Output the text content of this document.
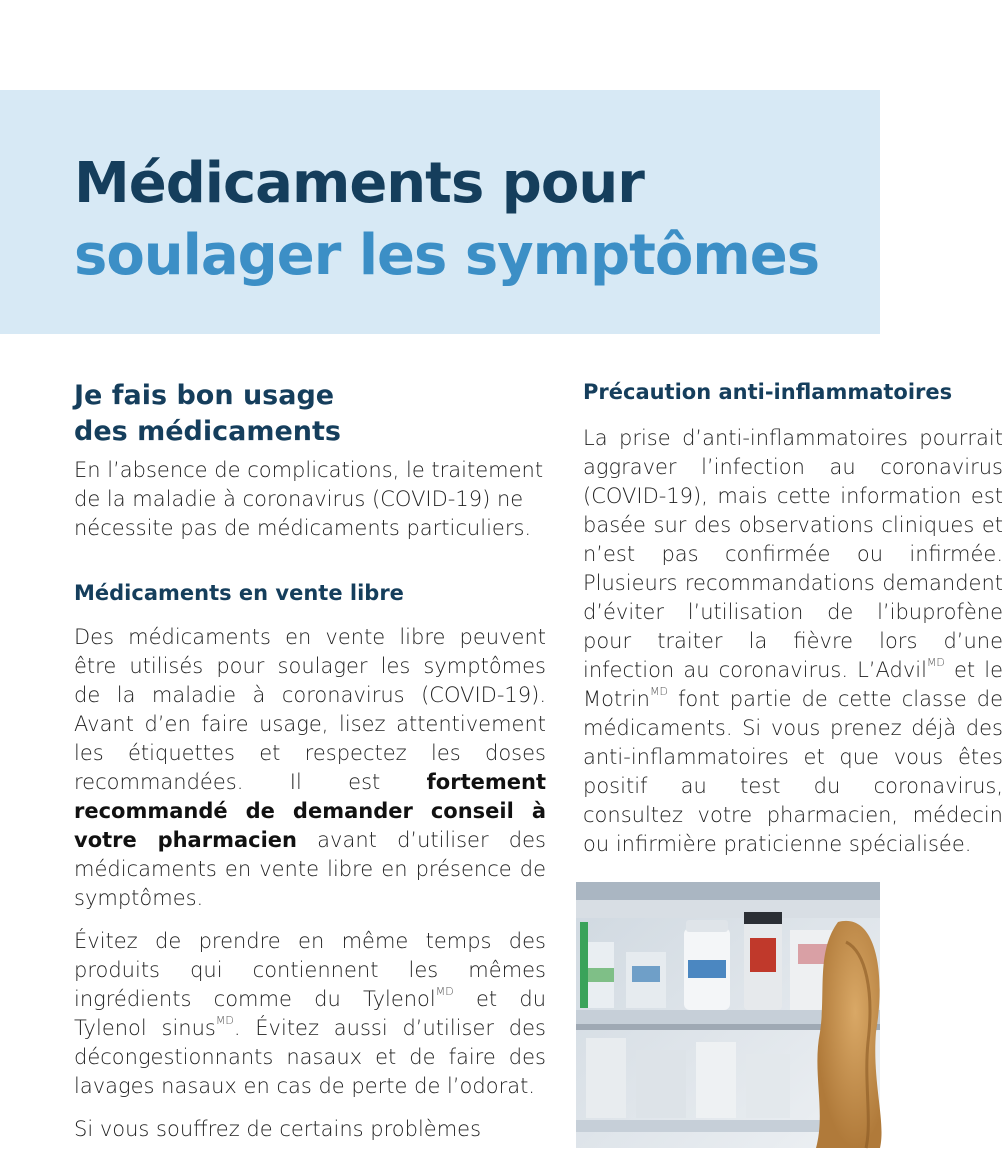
Médicaments pour
soulager les symptômes
Je fais bon usage des médicaments

En l’absence de complications, le traitement de la maladie à coronavirus (COVID-19) ne nécessite pas de médicaments particuliers.

Médicaments en vente libre

Des médicaments en vente libre peuvent être utilisés pour soulager les symptômes de la maladie à coronavirus (COVID-19). Avant d’en faire usage, lisez attentivement les étiquettes et respectez les doses recommandées. Il est fortement recommandé de demander conseil à votre pharmacien avant d’utiliser des médicaments en vente libre en présence de symptômes.

Évitez de prendre en même temps des produits qui contiennent les mêmes ingrédients comme du Tylenol$^{MD}$ et du Tylenol sinus$^{MD}$. Évitez aussi d’utiliser des décongestionnants nasaux et de faire des lavages nasaux en cas de perte de l’odorat.

Si vous souffrez de certains problèmes

Précaution anti-inflammatoires

La prise d’anti-inflammatoires pourrait aggraver l’infection au coronavirus (COVID-19), mais cette information est basée sur des observations cliniques et n’est pas confirmée ou infirmée. Plusieurs recommandations demandent d’éviter l’utilisation de l’ibuprofène pour traiter la fièvre lors d’une infection au coronavirus. L’Advil$^{MD}$ et le Motrin$^{MD}$ font partie de cette classe de médicaments. Si vous prenez déjà des anti-inflammatoires et que vous êtes positif au test du coronavirus, consultez votre pharmacien, médecin ou infirmière praticienne spécialisée.
